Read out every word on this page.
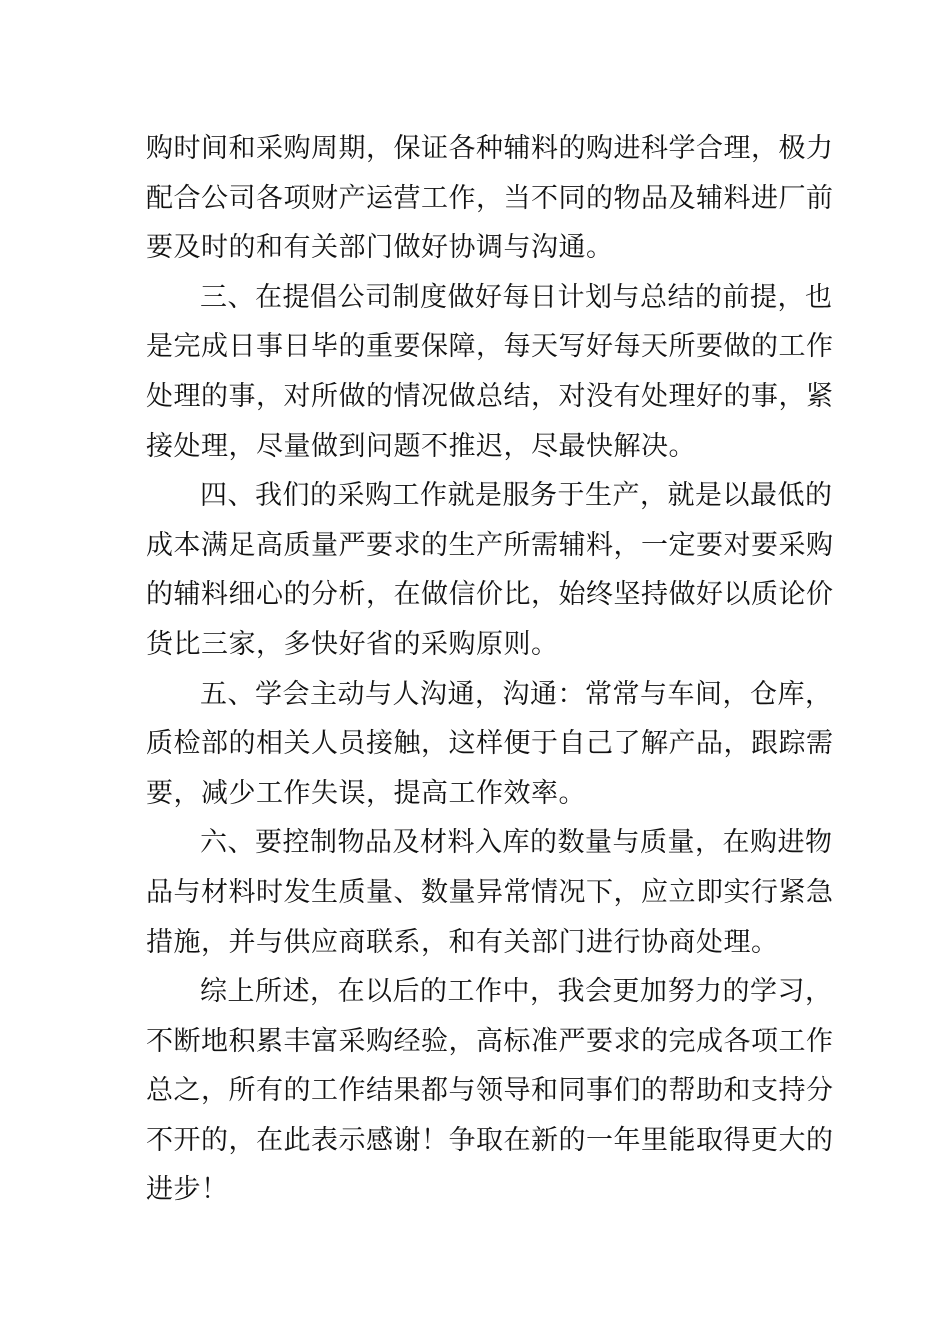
购时间和采购周期，保证各种辅料的购进科学合理，极力
配合公司各项财产运营工作，当不同的物品及辅料进厂前
要及时的和有关部门做好协调与沟通。
三、在提倡公司制度做好每日计划与总结的前提，也
是完成日事日毕的重要保障，每天写好每天所要做的工作
处理的事，对所做的情况做总结，对没有处理好的事，紧
接处理，尽量做到问题不推迟，尽最快解决。
四、我们的采购工作就是服务于生产，就是以最低的
成本满足高质量严要求的生产所需辅料，一定要对要采购
的辅料细心的分析，在做信价比，始终坚持做好以质论价
货比三家，多快好省的采购原则。
五、学会主动与人沟通，沟通：常常与车间，仓库，
质检部的相关人员接触，这样便于自己了解产品，跟踪需
要，减少工作失误，提高工作效率。
六、要控制物品及材料入库的数量与质量，在购进物
品与材料时发生质量、数量异常情况下，应立即实行紧急
措施，并与供应商联系，和有关部门进行协商处理。
综上所述，在以后的工作中，我会更加努力的学习，
不断地积累丰富采购经验，高标准严要求的完成各项工作
总之，所有的工作结果都与领导和同事们的帮助和支持分
不开的，在此表示感谢！争取在新的一年里能取得更大的
进步！
